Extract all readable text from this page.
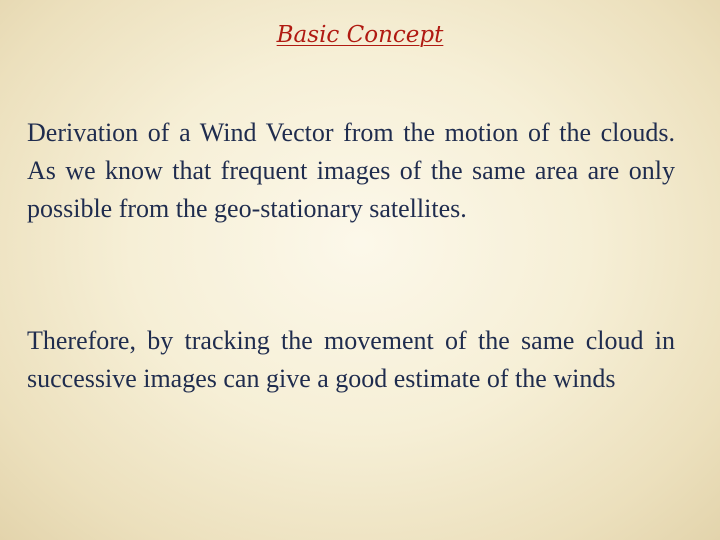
Basic Concept

Derivation of a Wind Vector from the motion of the clouds. As we know that frequent images of the same area are only possible from the geo-stationary satellites.

Therefore, by tracking the movement of the same cloud in successive images can give a good estimate of the winds
